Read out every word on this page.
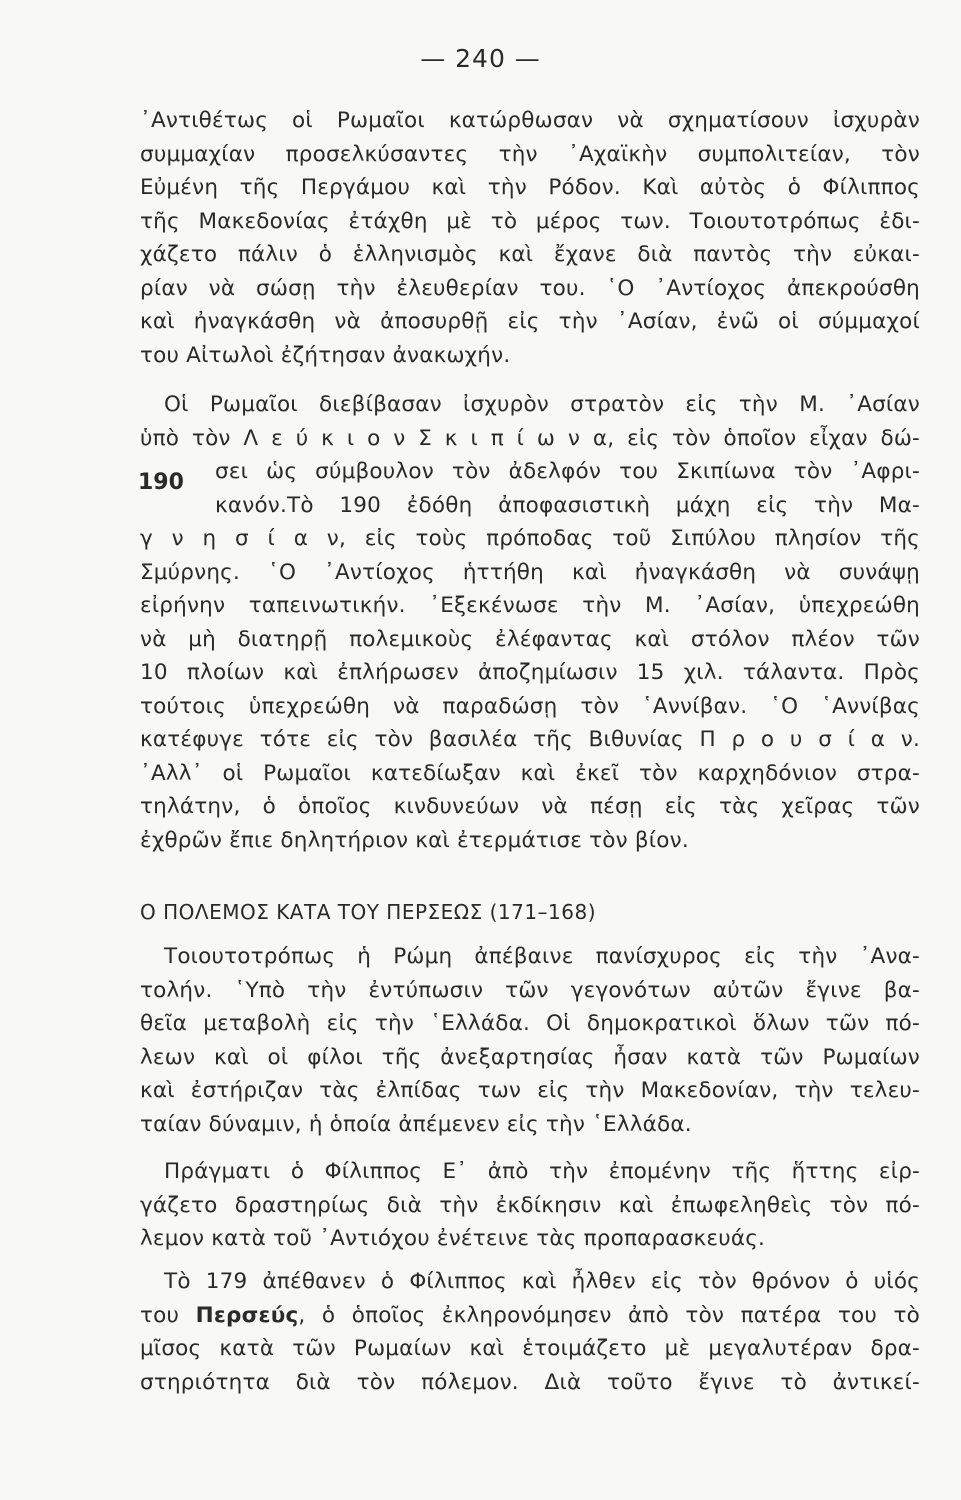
— 240 —
᾽Αντιθέτως οἱ Ρωμαῖοι κατώρθωσαν νὰ σχηματίσουν ἰσχυρὰν
συμμαχίαν προσελκύσαντες τὴν ᾽Αχαϊκὴν συμπολιτείαν, τὸν
Εὐμένη τῆς Περγάμου καὶ τὴν Ρόδον. Καὶ αὐτὸς ὁ Φίλιππος
τῆς Μακεδονίας ἐτάχθη μὲ τὸ μέρος των. Τοιουτοτρόπως ἐδι-
χάζετο πάλιν ὁ ἑλληνισμὸς καὶ ἔχανε διὰ παντὸς τὴν εὐκαι-
ρίαν νὰ σώσῃ τὴν ἐλευθερίαν του. ῾Ο ᾽Αντίοχος ἀπεκρούσθη
καὶ ἠναγκάσθη νὰ ἀποσυρθῇ εἰς τὴν ᾽Ασίαν, ἐνῶ οἱ σύμμαχοί
του Αἰτωλοὶ ἐζήτησαν ἀνακωχήν.
Οἱ Ρωμαῖοι διεβίβασαν ἰσχυρὸν στρατὸν εἰς τὴν Μ. ᾽Ασίαν
ὑπὸ τὸν Λ ε ύ κ ι ο ν Σ κ ι π ί ω ν α, εἰς τὸν ὁποῖον εἶχαν δώ-
σει ὡς σύμβουλον τὸν ἀδελφόν του Σκιπίωνα τὸν ᾽Αφρι-
κανόν.Τὸ 190 ἐδόθη ἀποφασιστικὴ μάχη εἰς τὴν Μα-
190
γ ν η σ ί α ν, εἰς τοὺς πρόποδας τοῦ Σιπύλου πλησίον τῆς
Σμύρνης. ῾Ο ᾽Αντίοχος ἡττήθη καὶ ἠναγκάσθη νὰ συνάψῃ
εἰρήνην ταπεινωτικήν. ᾽Εξεκένωσε τὴν Μ. ᾽Ασίαν, ὑπεχρεώθη
νὰ μὴ διατηρῇ πολεμικοὺς ἐλέφαντας καὶ στόλον πλέον τῶν
10 πλοίων καὶ ἐπλήρωσεν ἀποζημίωσιν 15 χιλ. τάλαντα. Πρὸς
τούτοις ὑπεχρεώθη νὰ παραδώσῃ τὸν ῾Αννίβαν. ῾Ο ῾Αννίβας
κατέφυγε τότε εἰς τὸν βασιλέα τῆς Βιθυνίας Π ρ ο υ σ ί α ν.
᾽Αλλ᾽ οἱ Ρωμαῖοι κατεδίωξαν καὶ ἐκεῖ τὸν καρχηδόνιον στρα-
τηλάτην, ὁ ὁποῖος κινδυνεύων νὰ πέσῃ εἰς τὰς χεῖρας τῶν
ἐχθρῶν ἔπιε δηλητήριον καὶ ἐτερμάτισε τὸν βίον.
Ο ΠΟΛΕΜΟΣ ΚΑΤΑ ΤΟΥ ΠΕΡΣΕΩΣ (171–168)
Τοιουτοτρόπως ἡ Ρώμη ἀπέβαινε πανίσχυρος εἰς τὴν ᾽Ανα-
τολήν. ῾Υπὸ τὴν ἐντύπωσιν τῶν γεγονότων αὐτῶν ἔγινε βα-
θεῖα μεταβολὴ εἰς τὴν ῾Ελλάδα. Οἱ δημοκρατικοὶ ὅλων τῶν πό-
λεων καὶ οἱ φίλοι τῆς ἀνεξαρτησίας ἦσαν κατὰ τῶν Ρωμαίων
καὶ ἐστήριζαν τὰς ἐλπίδας των εἰς τὴν Μακεδονίαν, τὴν τελευ-
ταίαν δύναμιν, ἡ ὁποία ἀπέμενεν εἰς τὴν ῾Ελλάδα.
Πράγματι ὁ Φίλιππος Ε᾽ ἀπὸ τὴν ἐπομένην τῆς ἥττης εἰρ-
γάζετο δραστηρίως διὰ τὴν ἐκδίκησιν καὶ ἐπωφεληθεὶς τὸν πό-
λεμον κατὰ τοῦ ᾽Αντιόχου ἐνέτεινε τὰς προπαρασκευάς.
Τὸ 179 ἀπέθανεν ὁ Φίλιππος καὶ ἦλθεν εἰς τὸν θρόνον ὁ υἱός
του Περσεύς, ὁ ὁποῖος ἐκληρονόμησεν ἀπὸ τὸν πατέρα του τὸ
μῖσος κατὰ τῶν Ρωμαίων καὶ ἑτοιμάζετο μὲ μεγαλυτέραν δρα-
στηριότητα διὰ τὸν πόλεμον. Διὰ τοῦτο ἔγινε τὸ ἀντικεί-
